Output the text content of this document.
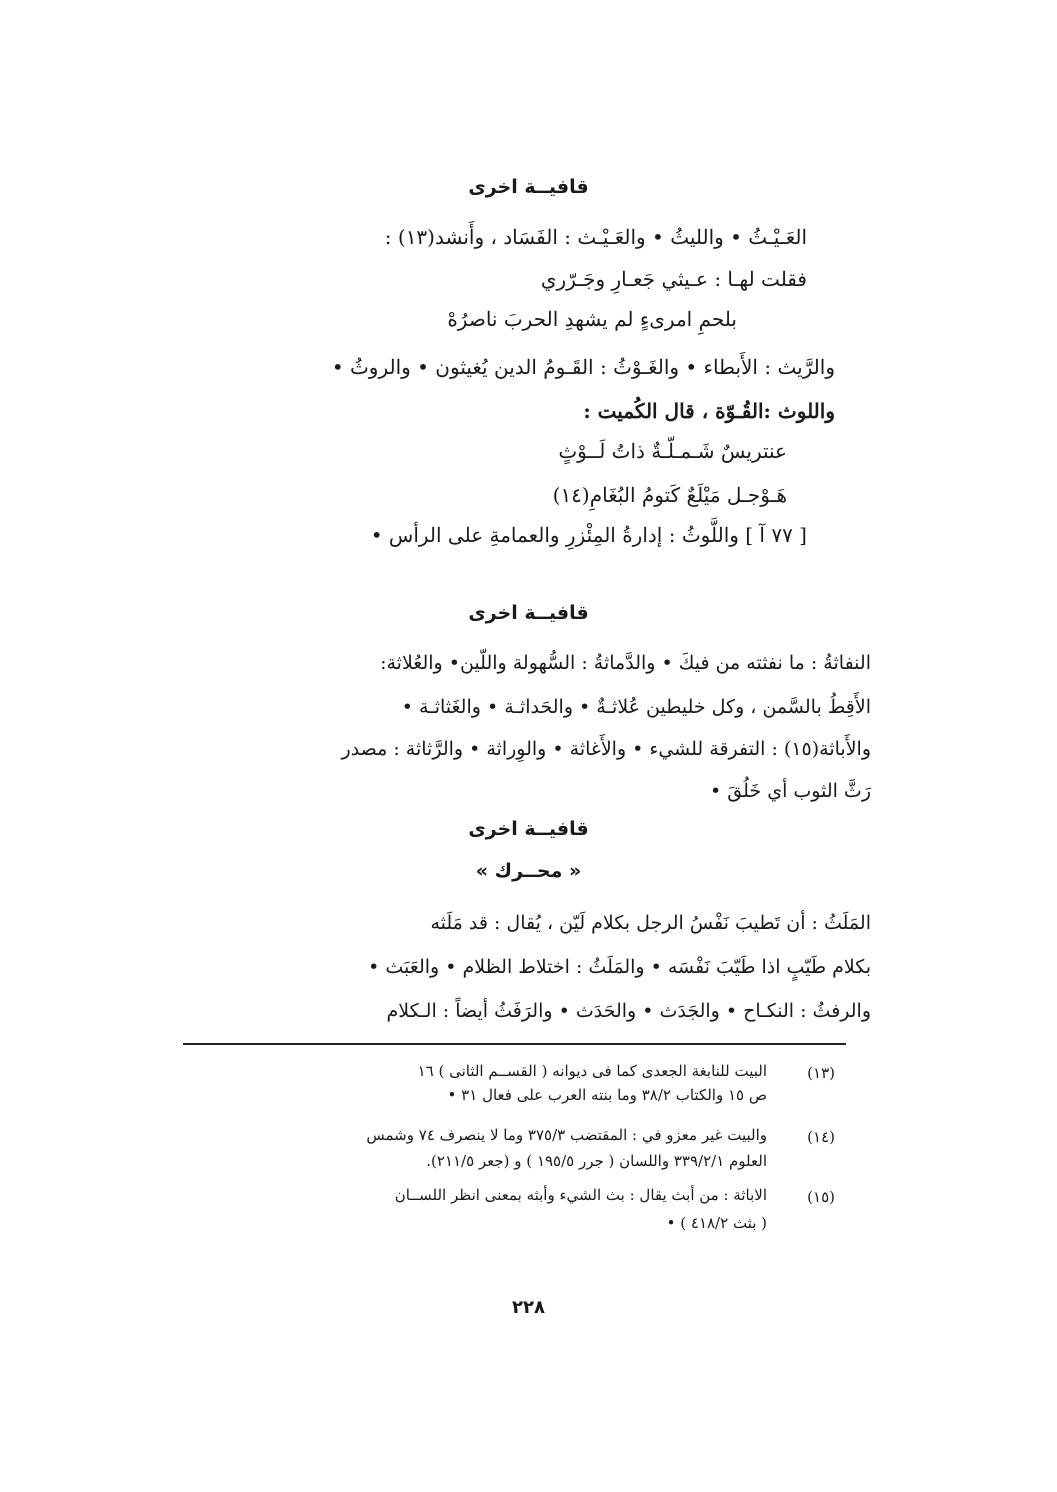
قافيــة اخرى
العَـيْـثُ • والليثُ • والعَـيْـث : الفَسَاد ، وأَنشد(١٣) :
فقلت لهـا : عـيثي جَعـارِ وجَـرّري
بلحمِ امرىءٍ لم يشهدِ الحربَ ناصرُهْ
والرَّيث : الأَبطاء • والغَـوْثُ : القَـومُ الدين يُغيثون • والروثُ •
واللوث :القُـوّة ، قال الكُميت :
عنتريسٌ شَـمـلّـةٌ ذاتُ لَــوْثٍ
هَـوْجـل مَيْلَعٌ كَتومُ البُغَامِ(١٤)
[ ٧٧ آ ] واللَّوثُ : إدارةُ المِئْزرِ والعمامةِ على الرأس •
قافيــة اخرى
النفاثةُ : ما نفثته من فيكَ • والدَّماثةُ : السُّهولة واللّين• والعُلاثة:
الأَقِطُ بالسَّمن ، وكل خليطين عُلاثـةٌ • والحَداثـة • والغَثاثـة •
والأَباثة(١٥) : التفرقة للشيء • والأَغاثة • والوِراثة • والرَّثاثة : مصدر
رَثَّ الثوب أي خَلُقَ •
قافيــة اخرى
« محــرك »
المَلَثُ : أن تَطيبَ نَفْسُ الرجل بكلام لَيّن ، يُقال : قد مَلَثه
بكلام طَيّبٍ اذا طَيّبَ نَفْسَه • والمَلَثُ : اختلاط الظلام • والعَبَث •
والرفثُ : النكـاح • والجَدَث • والحَدَث • والرَفَثُ أيضاً : الـكلام
(١٣)
البيت للنابغة الجعدى كما فى ديوانه ( القســم الثانى ) ١٦
ص ١٥ والكتاب ٣٨/٢ وما بنته العرب على فعال ٣١ •
(١٤)
والبيت غير معزو في : المقتضب ٣٧٥/٣ وما لا ينصرف ٧٤ وشمس
العلوم ٣٣٩/٢/١ واللسان ( جرر ١٩٥/٥ ) و (جعر ٢١١/٥).
(١٥)
الاباثة : من أبث يقال : بث الشيء وأبثه بمعنى انظر اللســان
( بثث ٤١٨/٢ ) •
٢٢٨
